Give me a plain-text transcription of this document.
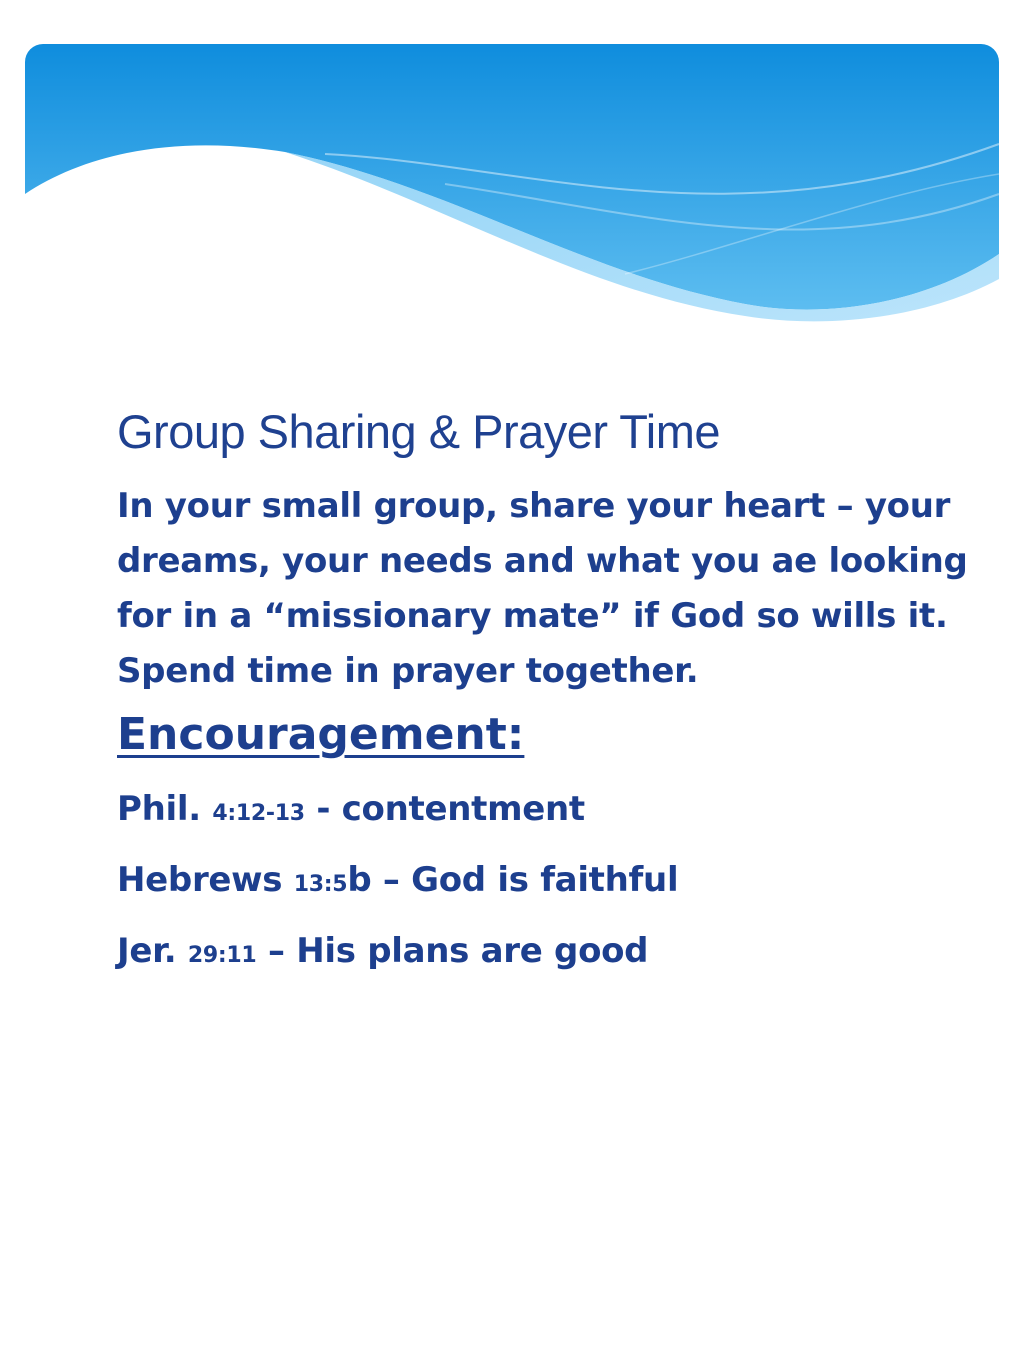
Group Sharing & Prayer Time

In your small group, share your heart – your dreams, your needs and what you ae looking for in a “missionary mate” if God so wills it. Spend time in prayer together.

Encouragement:

Phil. 4:12-13 - contentment

Hebrews 13:5b – God is faithful

Jer. 29:11 – His plans are good
